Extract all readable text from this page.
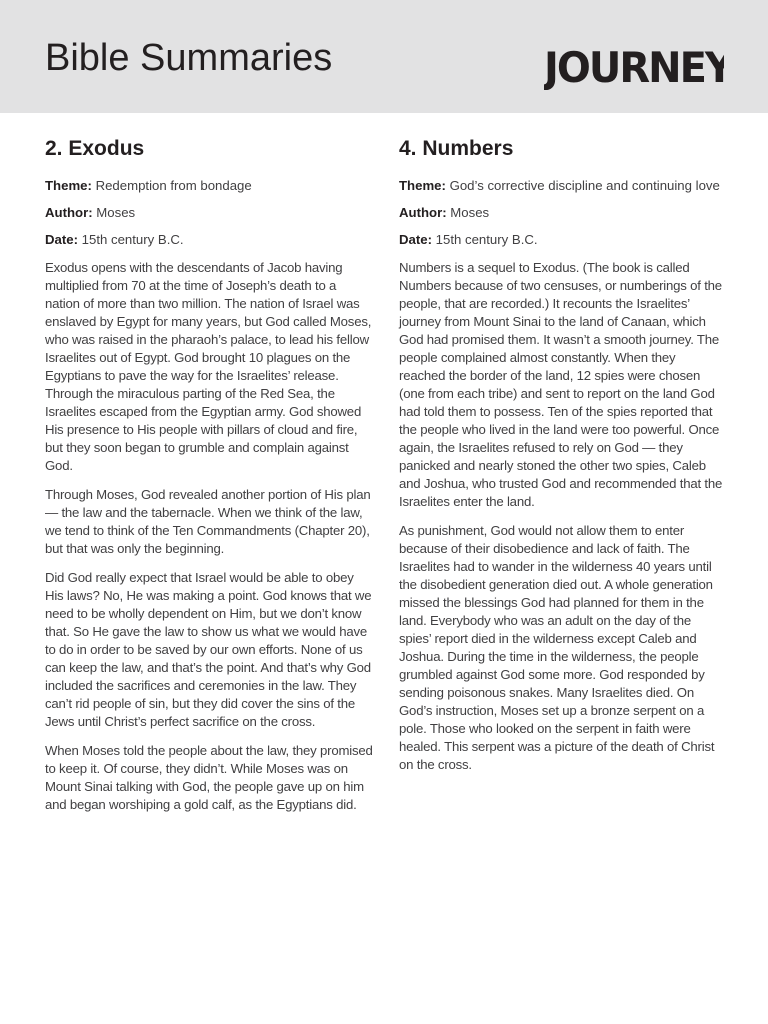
Bible Summaries	JOURNEY
2. Exodus

Theme: Redemption from bondage

Author: Moses

Date: 15th century B.C.

Exodus opens with the descendants of Jacob having multiplied from 70 at the time of Joseph’s death to a nation of more than two million. The nation of Israel was enslaved by Egypt for many years, but God called Moses, who was raised in the pharaoh’s palace, to lead his fellow Israelites out of Egypt. God brought 10 plagues on the Egyptians to pave the way for the Israelites’ release. Through the miraculous parting of the Red Sea, the Israelites escaped from the Egyptian army. God showed His presence to His people with pillars of cloud and fire, but they soon began to grumble and complain against God.

Through Moses, God revealed another portion of His plan — the law and the tabernacle. When we think of the law, we tend to think of the Ten Commandments (Chapter 20), but that was only the beginning.

Did God really expect that Israel would be able to obey His laws? No, He was making a point. God knows that we need to be wholly dependent on Him, but we don’t know that. So He gave the law to show us what we would have to do in order to be saved by our own efforts. None of us can keep the law, and that’s the point. And that’s why God included the sacrifices and ceremonies in the law. They can’t rid people of sin, but they did cover the sins of the Jews until Christ’s perfect sacrifice on the cross.

When Moses told the people about the law, they promised to keep it. Of course, they didn’t. While Moses was on Mount Sinai talking with God, the people gave up on him and began worshiping a gold calf, as the Egyptians did.

4. Numbers

Theme: God’s corrective discipline and continuing love

Author: Moses

Date: 15th century B.C.

Numbers is a sequel to Exodus. (The book is called Numbers because of two censuses, or numberings of the people, that are recorded.) It recounts the Israelites’ journey from Mount Sinai to the land of Canaan, which God had promised them. It wasn’t a smooth journey. The people complained almost constantly. When they reached the border of the land, 12 spies were chosen (one from each tribe) and sent to report on the land God had told them to possess. Ten of the spies reported that the people who lived in the land were too powerful. Once again, the Israelites refused to rely on God — they panicked and nearly stoned the other two spies, Caleb and Joshua, who trusted God and recommended that the Israelites enter the land.

As punishment, God would not allow them to enter because of their disobedience and lack of faith. The Israelites had to wander in the wilderness 40 years until the disobedient generation died out. A whole generation missed the blessings God had planned for them in the land. Everybody who was an adult on the day of the spies’ report died in the wilderness except Caleb and Joshua. During the time in the wilderness, the people grumbled against God some more. God responded by sending poisonous snakes. Many Israelites died. On God’s instruction, Moses set up a bronze serpent on a pole. Those who looked on the serpent in faith were healed. This serpent was a picture of the death of Christ on the cross.
